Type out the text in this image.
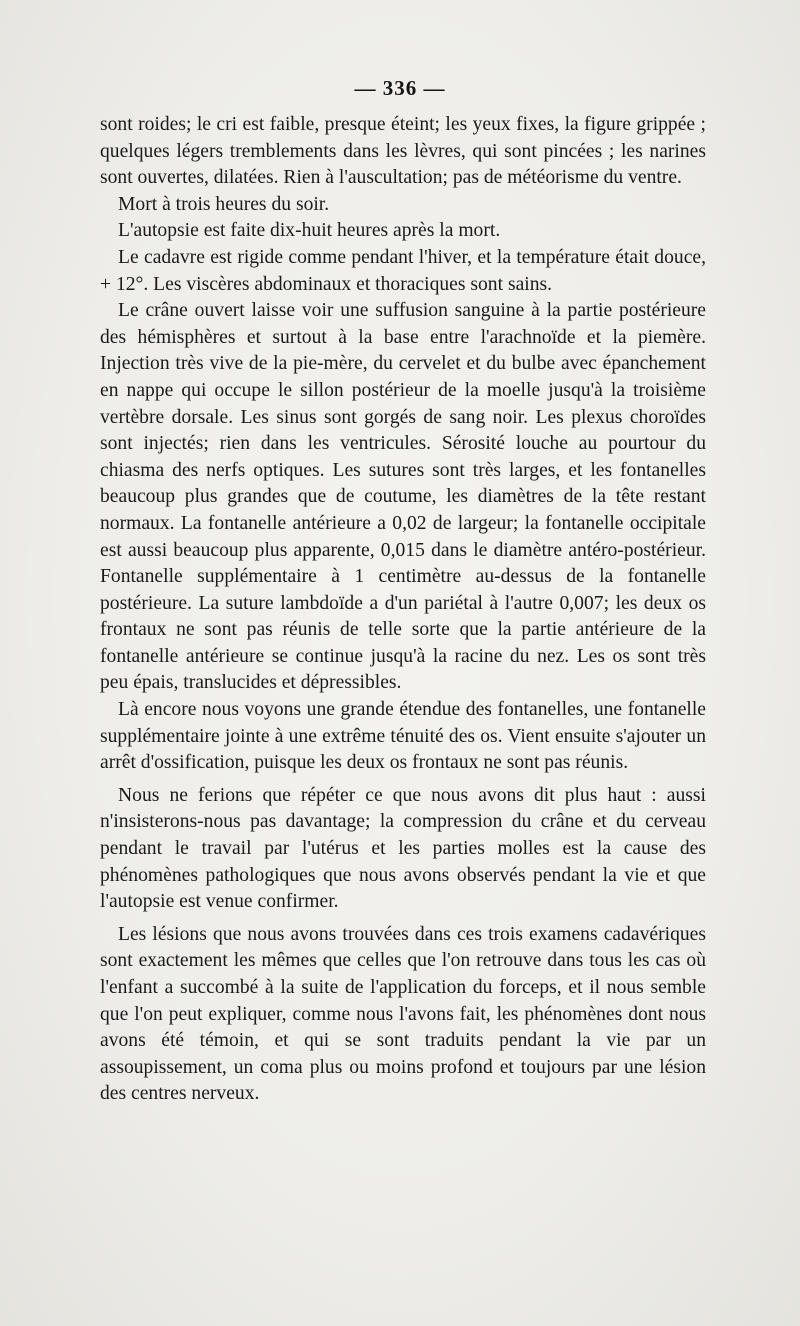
— 336 —

sont roides; le cri est faible, presque éteint; les yeux fixes, la figure grippée ; quelques légers tremblements dans les lèvres, qui sont pincées ; les narines sont ouvertes, dilatées. Rien à l'auscultation; pas de météorisme du ventre.

Mort à trois heures du soir.

L'autopsie est faite dix-huit heures après la mort.

Le cadavre est rigide comme pendant l'hiver, et la température était douce, + 12°. Les viscères abdominaux et thoraciques sont sains.

Le crâne ouvert laisse voir une suffusion sanguine à la partie postérieure des hémisphères et surtout à la base entre l'arachnoïde et la piemère. Injection très vive de la pie-mère, du cervelet et du bulbe avec épanchement en nappe qui occupe le sillon postérieur de la moelle jusqu'à la troisième vertèbre dorsale. Les sinus sont gorgés de sang noir. Les plexus choroïdes sont injectés; rien dans les ventricules. Sérosité louche au pourtour du chiasma des nerfs optiques. Les sutures sont très larges, et les fontanelles beaucoup plus grandes que de coutume, les diamètres de la tête restant normaux. La fontanelle antérieure a 0,02 de largeur; la fontanelle occipitale est aussi beaucoup plus apparente, 0,015 dans le diamètre antéro-postérieur. Fontanelle supplémentaire à 1 centimètre au-dessus de la fontanelle postérieure. La suture lambdoïde a d'un pariétal à l'autre 0,007; les deux os frontaux ne sont pas réunis de telle sorte que la partie antérieure de la fontanelle antérieure se continue jusqu'à la racine du nez. Les os sont très peu épais, translucides et dépressibles.

Là encore nous voyons une grande étendue des fontanelles, une fontanelle supplémentaire jointe à une extrême ténuité des os. Vient ensuite s'ajouter un arrêt d'ossification, puisque les deux os frontaux ne sont pas réunis.

Nous ne ferions que répéter ce que nous avons dit plus haut : aussi n'insisterons-nous pas davantage; la compression du crâne et du cerveau pendant le travail par l'utérus et les parties molles est la cause des phénomènes pathologiques que nous avons observés pendant la vie et que l'autopsie est venue confirmer.

Les lésions que nous avons trouvées dans ces trois examens cadavériques sont exactement les mêmes que celles que l'on retrouve dans tous les cas où l'enfant a succombé à la suite de l'application du forceps, et il nous semble que l'on peut expliquer, comme nous l'avons fait, les phénomènes dont nous avons été témoin, et qui se sont traduits pendant la vie par un assoupissement, un coma plus ou moins profond et toujours par une lésion des centres nerveux.
